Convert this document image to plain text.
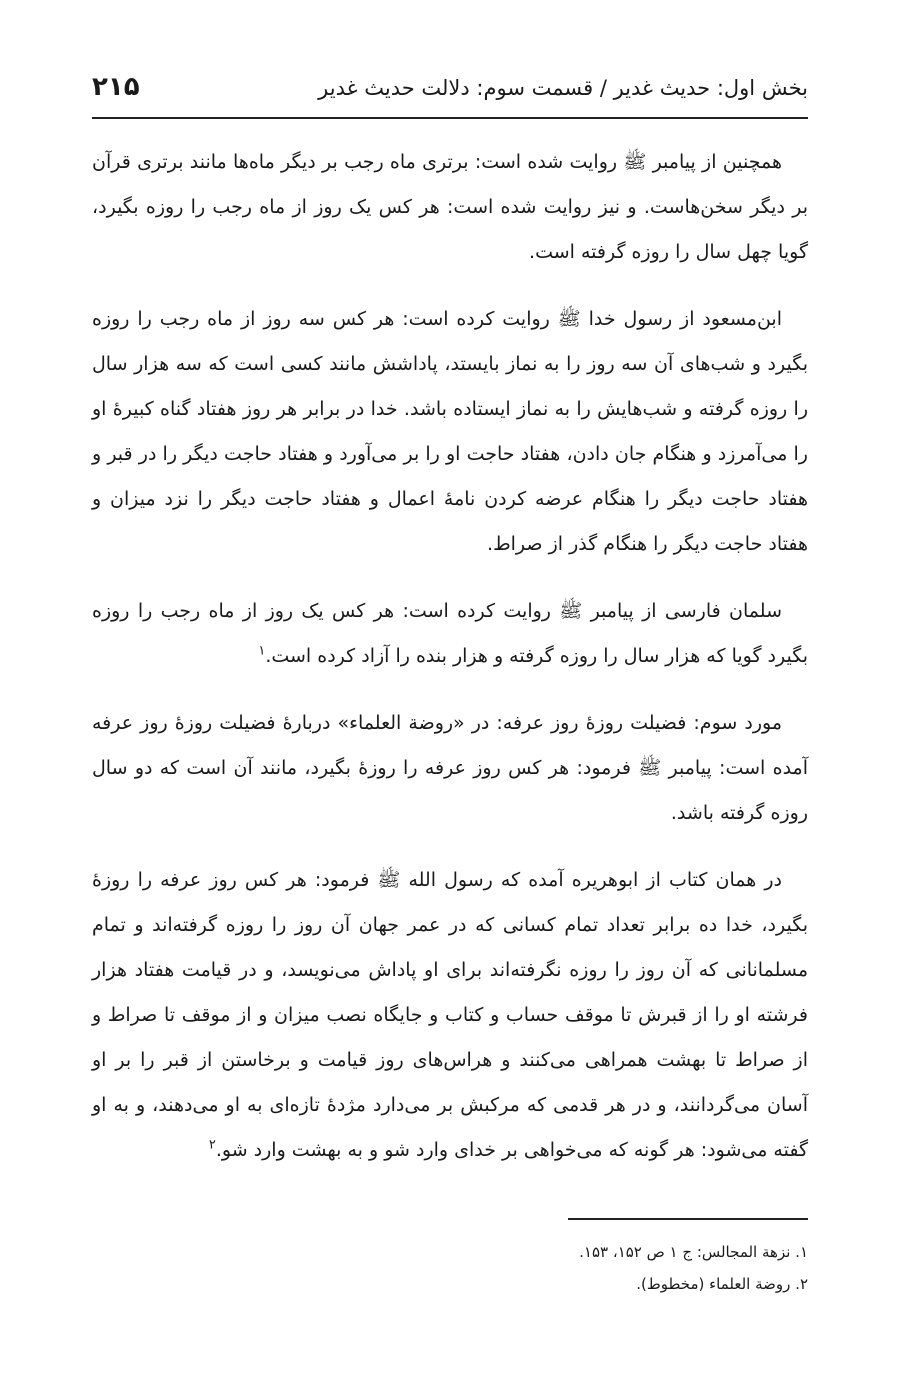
بخش اول: حدیث غدیر / قسمت سوم: دلالت حدیث غدیر
۲۱۵

همچنین از پیامبر ﷺ روایت شده است: برتری ماه رجب بر دیگر ماه‌ها مانند برتری قرآن بر دیگر سخن‌هاست. و نیز روایت شده است: هر کس یک روز از ماه رجب را روزه بگیرد، گویا چهل سال را روزه گرفته است.

ابن‌مسعود از رسول خدا ﷺ روایت کرده است: هر کس سه روز از ماه رجب را روزه بگیرد و شب‌های آن سه روز را به نماز بایستد، پاداشش مانند کسی است که سه هزار سال را روزه گرفته و شب‌هایش را به نماز ایستاده باشد. خدا در برابر هر روز هفتاد گناه کبیرهٔ او را می‌آمرزد و هنگام جان دادن، هفتاد حاجت او را بر می‌آورد و هفتاد حاجت دیگر را در قبر و هفتاد حاجت دیگر را هنگام عرضه کردن نامهٔ اعمال و هفتاد حاجت دیگر را نزد میزان و هفتاد حاجت دیگر را هنگام گذر از صراط.

سلمان فارسی از پیامبر ﷺ روایت کرده است: هر کس یک روز از ماه رجب را روزه بگیرد گویا که هزار سال را روزه گرفته و هزار بنده را آزاد کرده است.$^۱$

مورد سوم: فضیلت روزهٔ روز عرفه: در «روضة العلماء» دربارهٔ فضیلت روزهٔ روز عرفه آمده است: پیامبر ﷺ فرمود: هر کس روز عرفه را روزهٔ بگیرد، مانند آن است که دو سال روزه گرفته باشد.

در همان کتاب از ابوهریره آمده که رسول الله ﷺ فرمود: هر کس روز عرفه را روزهٔ بگیرد، خدا ده برابر تعداد تمام کسانی که در عمر جهان آن روز را روزه گرفته‌اند و تمام مسلمانانی که آن روز را روزه نگرفته‌اند برای او پاداش می‌نویسد، و در قیامت هفتاد هزار فرشته او را از قبرش تا موقف حساب و کتاب و جایگاه نصب میزان و از موقف تا صراط و از صراط تا بهشت همراهی می‌کنند و هراس‌های روز قیامت و برخاستن از قبر را بر او آسان می‌گردانند، و در هر قدمی که مرکبش بر می‌دارد مژدهٔ تازه‌ای به او می‌دهند، و به او گفته می‌شود: هر گونه که می‌خواهی بر خدای وارد شو و به بهشت وارد شو.$^۲$

۱. نزهة المجالس: ج ۱ ص ۱۵۲، ۱۵۳.

۲. روضة العلماء (مخطوط).
